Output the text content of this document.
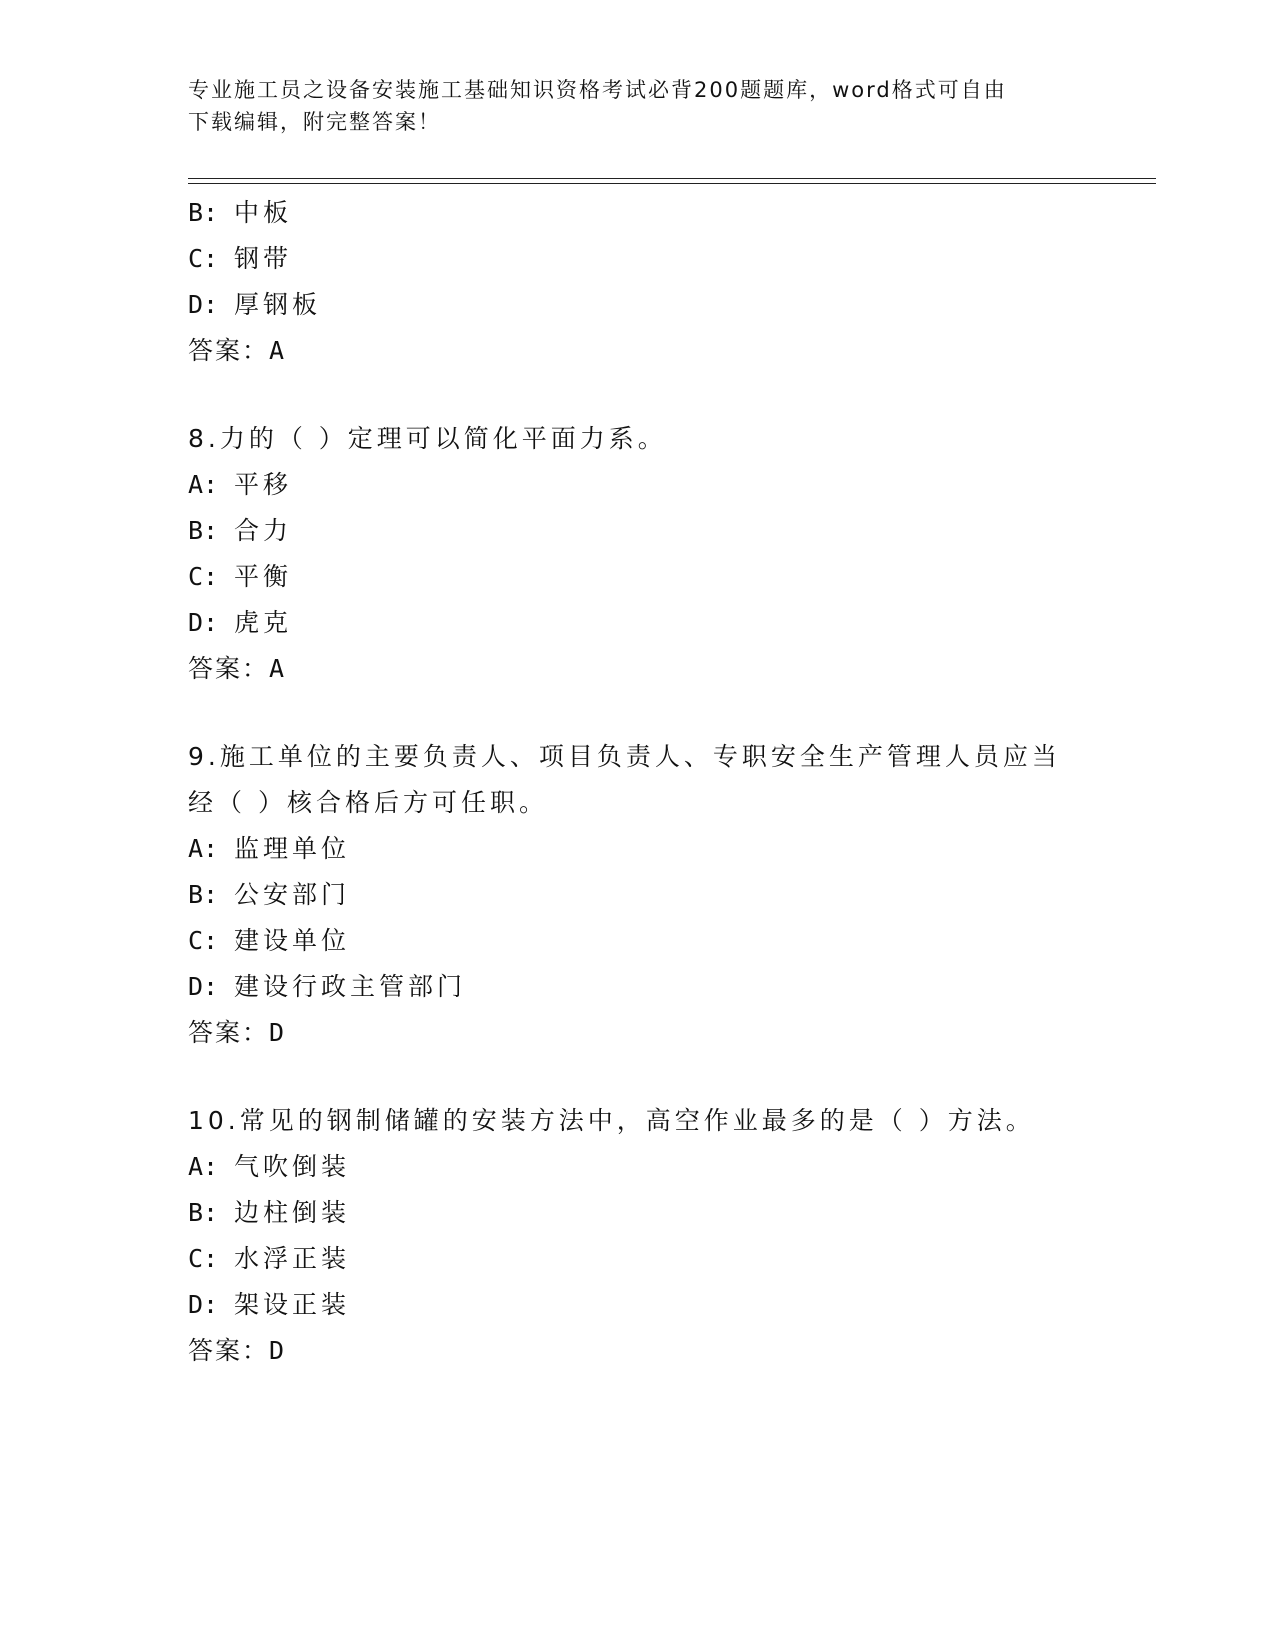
专业施工员之设备安装施工基础知识资格考试必背200题题库，word格式可自由
下载编辑，附完整答案！
B: 中板
C: 钢带
D: 厚钢板
答案：A
8.力的（ ）定理可以简化平面力系。
A: 平移
B: 合力
C: 平衡
D: 虎克
答案：A
9.施工单位的主要负责人、项目负责人、专职安全生产管理人员应当
经（ ）核合格后方可任职。
A: 监理单位
B: 公安部门
C: 建设单位
D: 建设行政主管部门
答案：D
10.常见的钢制储罐的安装方法中，高空作业最多的是（ ）方法。
A: 气吹倒装
B: 边柱倒装
C: 水浮正装
D: 架设正装
答案：D
